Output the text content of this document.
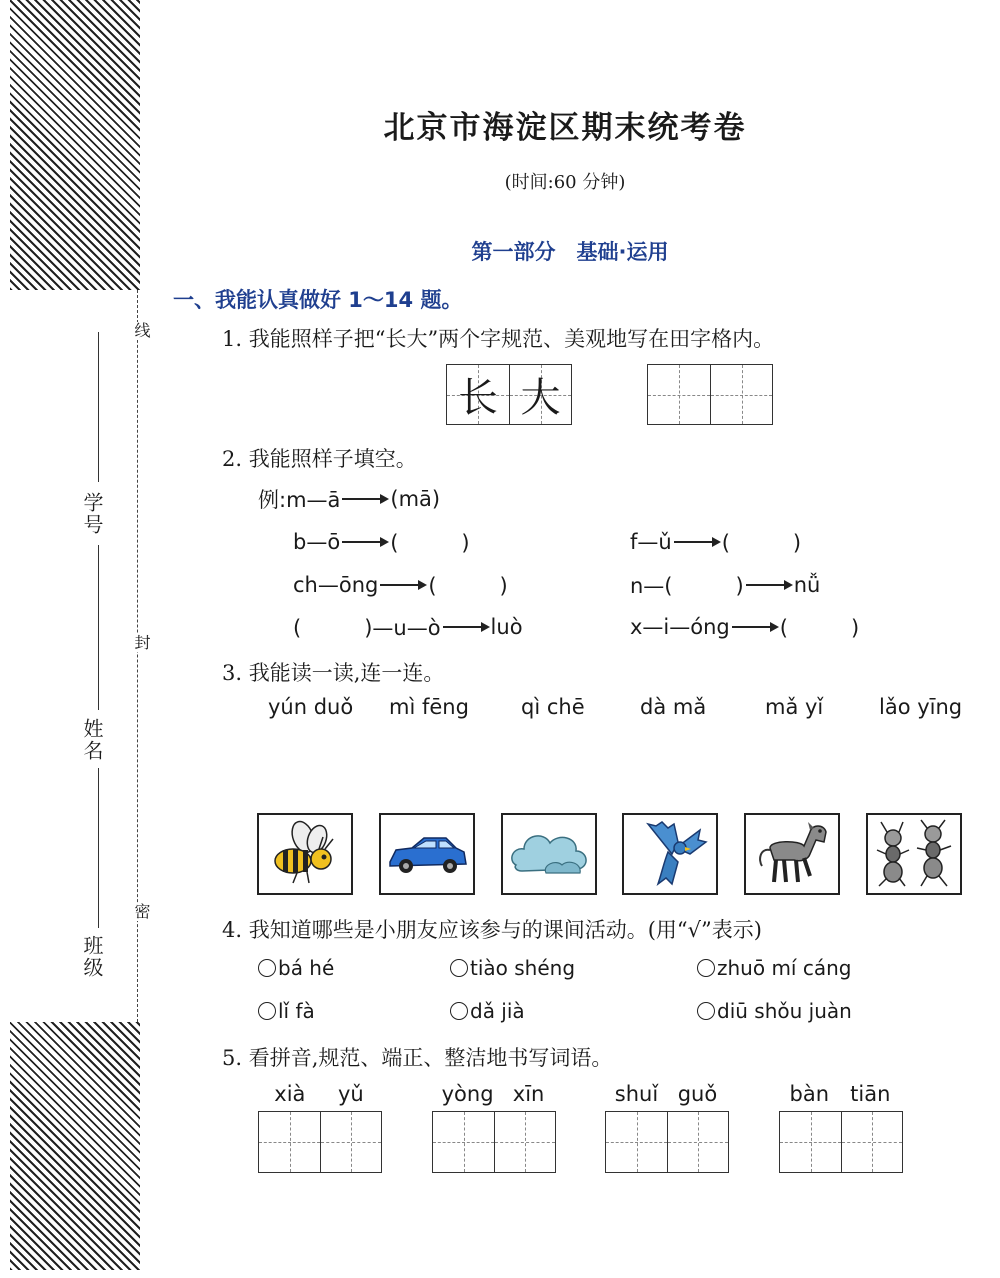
线
封
密
学号
姓名
班级
北京市海淀区期末统考卷
(时间:60 分钟)
第一部分　基础·运用
一、我能认真做好 1～14 题。
1. 我能照样子把“长大”两个字规范、美观地写在田字格内。
长 大
2. 我能照样子填空。
例:m—ā (mā)
b—ō (　　　)	f—ǔ (　　　)
ch—ōng (　　　)	n—(　　　) nǚ
(　　　)—u—ò luò	x—i—óng (　　　)
3. 我能读一读,连一连。
yún duǒ mì fēng qì chē	dà mǎ	mǎ yǐ	lǎo yīng
4. 我知道哪些是小朋友应该参与的课间活动。(用“√”表示)
bá hé	tiào shéng	zhuō mí cáng
lǐ fà	dǎ jià	diū shǒu juàn
5. 看拼音,规范、端正、整洁地书写词语。
xià yǔ	yòng xīn	shuǐ guǒ	bàn tiān
